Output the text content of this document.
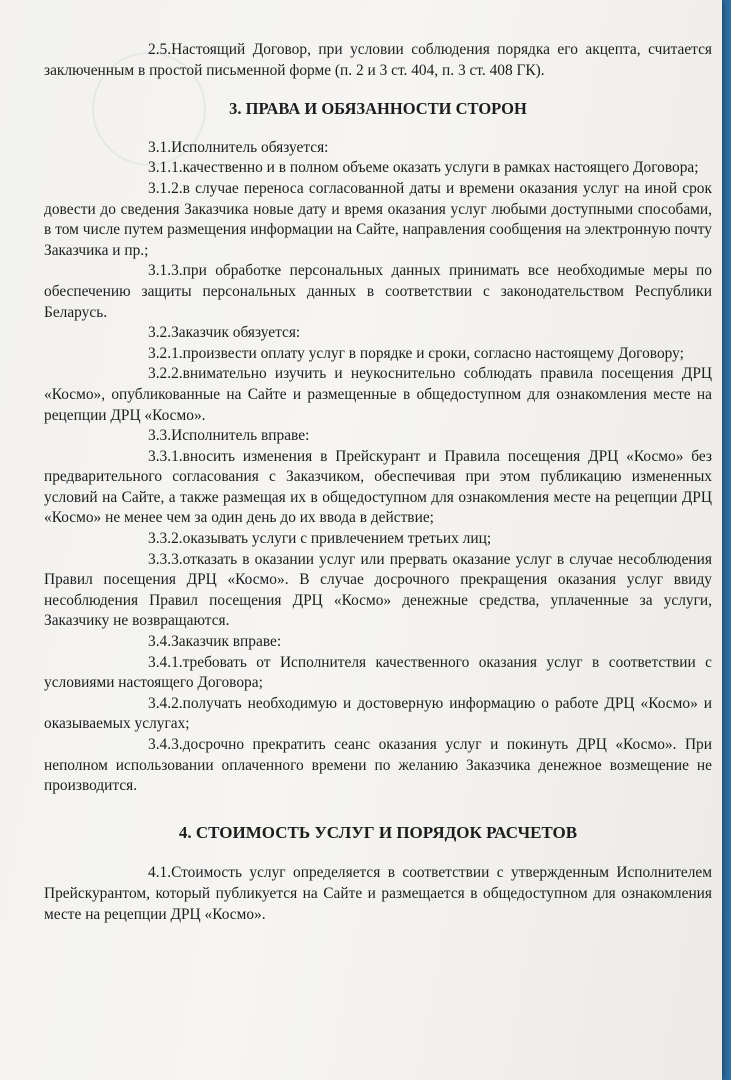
2.5.Настоящий Договор, при условии соблюдения порядка его акцепта, считается заключенным в простой письменной форме (п. 2 и 3 ст. 404, п. 3 ст. 408 ГК).

3. ПРАВА И ОБЯЗАННОСТИ СТОРОН

3.1.Исполнитель обязуется:

3.1.1.качественно и в полном объеме оказать услуги в рамках настоящего Договора;

3.1.2.в случае переноса согласованной даты и времени оказания услуг на иной срок довести до сведения Заказчика новые дату и время оказания услуг любыми доступными способами, в том числе путем размещения информации на Сайте, направления сообщения на электронную почту Заказчика и пр.;

3.1.3.при обработке персональных данных принимать все необходимые меры по обеспечению защиты персональных данных в соответствии с законодательством Республики Беларусь.

3.2.Заказчик обязуется:

3.2.1.произвести оплату услуг в порядке и сроки, согласно настоящему Договору;

3.2.2.внимательно изучить и неукоснительно соблюдать правила посещения ДРЦ «Космо», опубликованные на Сайте и размещенные в общедоступном для ознакомления месте на рецепции ДРЦ «Космо».

3.3.Исполнитель вправе:

3.3.1.вносить изменения в Прейскурант и Правила посещения ДРЦ «Космо» без предварительного согласования с Заказчиком, обеспечивая при этом публикацию измененных условий на Сайте, а также размещая их в общедоступном для ознакомления месте на рецепции ДРЦ «Космо» не менее чем за один день до их ввода в действие;

3.3.2.оказывать услуги с привлечением третьих лиц;

3.3.3.отказать в оказании услуг или прервать оказание услуг в случае несоблюдения Правил посещения ДРЦ «Космо». В случае досрочного прекращения оказания услуг ввиду несоблюдения Правил посещения ДРЦ «Космо» денежные средства, уплаченные за услуги, Заказчику не возвращаются.

3.4.Заказчик вправе:

3.4.1.требовать от Исполнителя качественного оказания услуг в соответствии с условиями настоящего Договора;

3.4.2.получать необходимую и достоверную информацию о работе ДРЦ «Космо» и оказываемых услугах;

3.4.3.досрочно прекратить сеанс оказания услуг и покинуть ДРЦ «Космо». При неполном использовании оплаченного времени по желанию Заказчика денежное возмещение не производится.

4. СТОИМОСТЬ УСЛУГ И ПОРЯДОК РАСЧЕТОВ

4.1.Стоимость услуг определяется в соответствии с утвержденным Исполнителем Прейскурантом, который публикуется на Сайте и размещается в общедоступном для ознакомления месте на рецепции ДРЦ «Космо».
